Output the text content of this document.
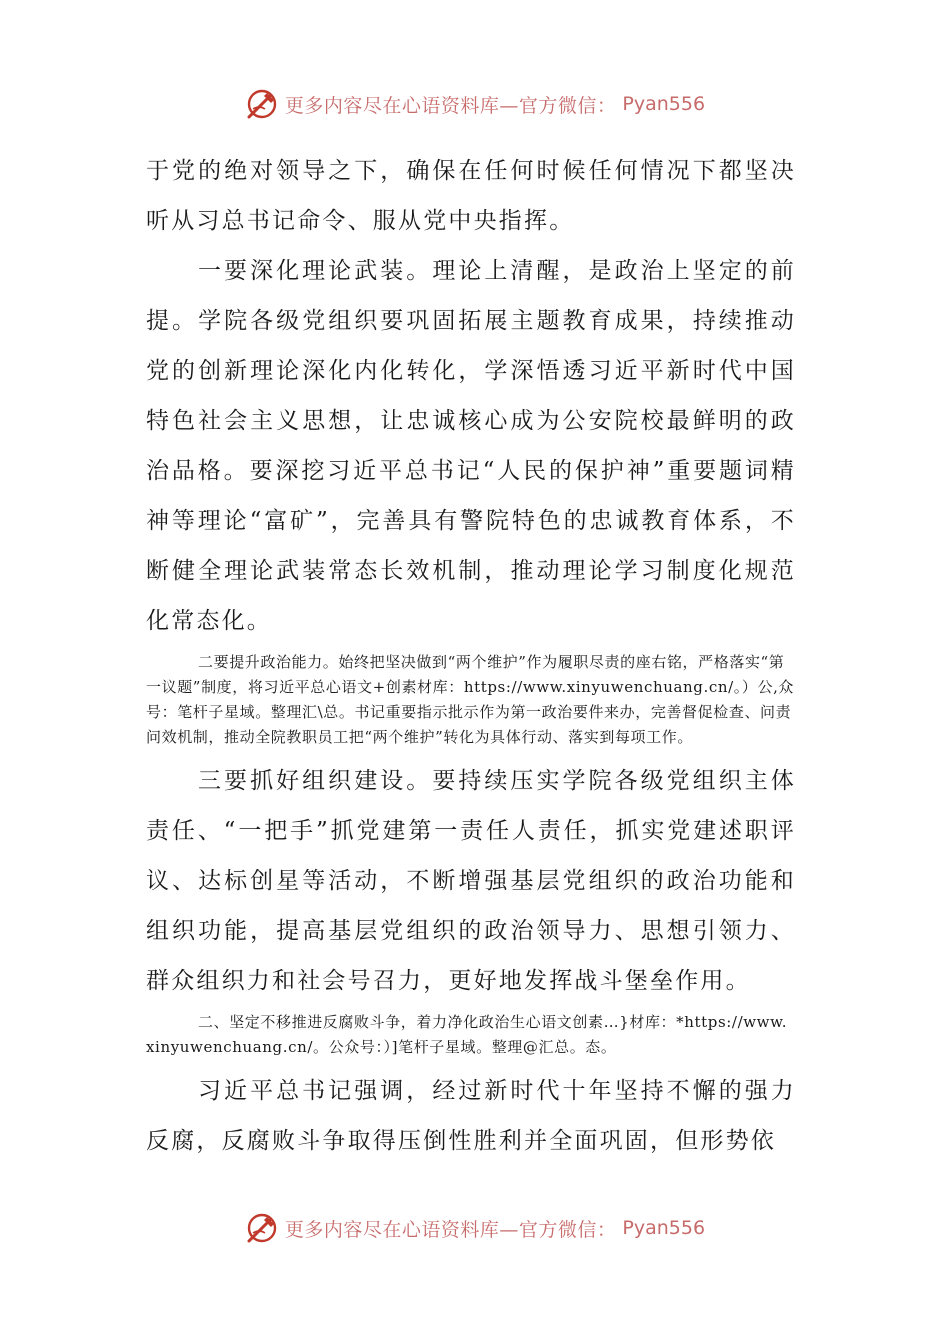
更多内容尽在心语资料库—官方微信： Pyan556

于党的绝对领导之下，确保在任何时候任何情况下都坚决听从习总书记命令、服从党中央指挥。

一要深化理论武装。理论上清醒，是政治上坚定的前提。学院各级党组织要巩固拓展主题教育成果，持续推动党的创新理论深化内化转化，学深悟透习近平新时代中国特色社会主义思想，让忠诚核心成为公安院校最鲜明的政治品格。要深挖习近平总书记“人民的保护神”重要题词精神等理论“富矿”，完善具有警院特色的忠诚教育体系，不断健全理论武装常态长效机制，推动理论学习制度化规范化常态化。

二要提升政治能力。始终把坚决做到“两个维护”作为履职尽责的座右铭，严格落实“第一议题”制度，将习近平总心语文+创素材库：https://www.xinyuwenchuang.cn/。）公,众号：笔杆子星域。整理汇\总。书记重要指示批示作为第一政治要件来办，完善督促检查、问责问效机制，推动全院教职员工把“两个维护”转化为具体行动、落实到每项工作。

三要抓好组织建设。要持续压实学院各级党组织主体责任、“一把手”抓党建第一责任人责任，抓实党建述职评议、达标创星等活动，不断增强基层党组织的政治功能和组织功能，提高基层党组织的政治领导力、思想引领力、群众组织力和社会号召力，更好地发挥战斗堡垒作用。

二、坚定不移推进反腐败斗争，着力净化政治生心语文创素…}材库：*https://www.xinyuwenchuang.cn/。公众号：）]笔杆子星域。整理@汇总。态。

习近平总书记强调，经过新时代十年坚持不懈的强力反腐，反腐败斗争取得压倒性胜利并全面巩固，但形势依

更多内容尽在心语资料库—官方微信： Pyan556
